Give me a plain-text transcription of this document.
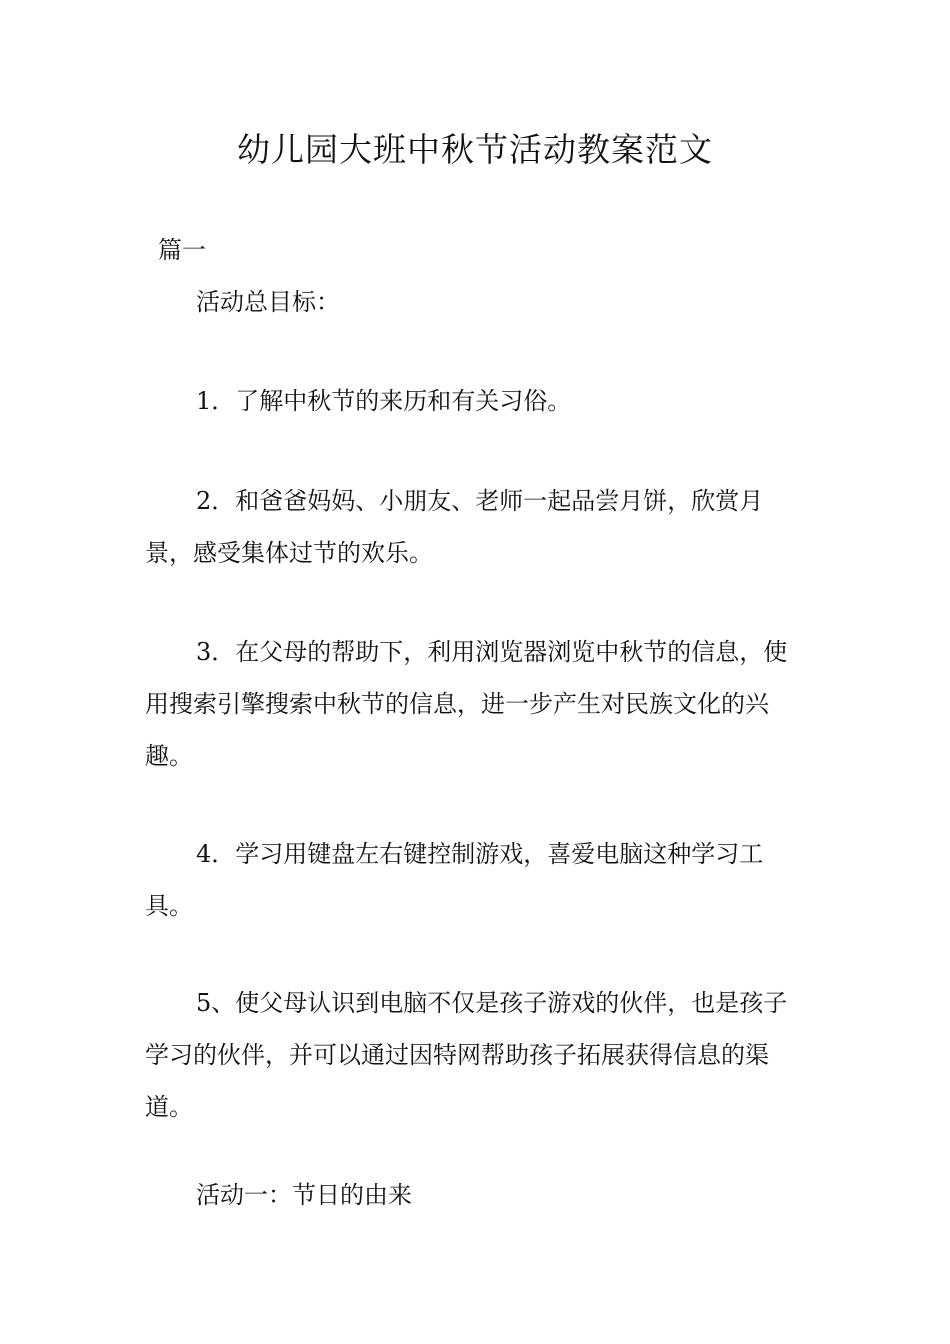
幼儿园大班中秋节活动教案范文

篇一

活动总目标：

1．了解中秋节的来历和有关习俗。

2．和爸爸妈妈、小朋友、老师一起品尝月饼，欣赏月景，感受集体过节的欢乐。

3．在父母的帮助下，利用浏览器浏览中秋节的信息，使用搜索引擎搜索中秋节的信息，进一步产生对民族文化的兴趣。

4．学习用键盘左右键控制游戏，喜爱电脑这种学习工具。

5、使父母认识到电脑不仅是孩子游戏的伙伴，也是孩子学习的伙伴，并可以通过因特网帮助孩子拓展获得信息的渠道。

活动一：节日的由来
